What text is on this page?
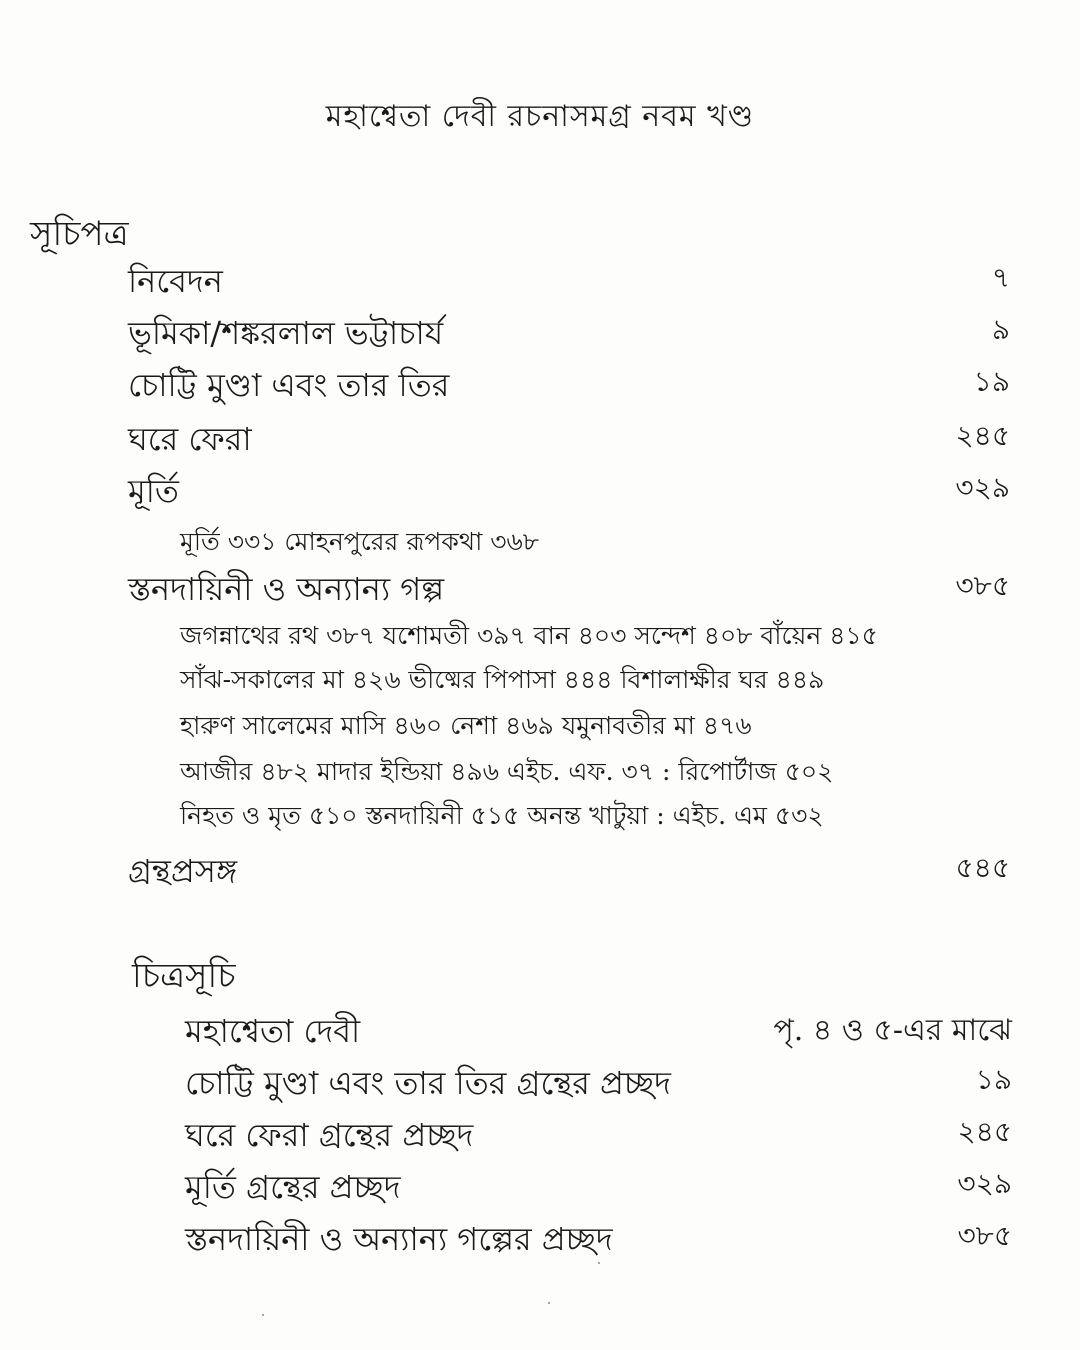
মহাশ্বেতা দেবী রচনাসমগ্র নবম খণ্ড
সূচিপত্র
নিবেদন	৭
ভূমিকা/শঙ্করলাল ভট্টাচার্য	৯
চোট্টি মুণ্ডা এবং তার তির	১৯
ঘরে ফেরা	২৪৫
মূর্তি	৩২৯
মূর্তি ৩৩১ মোহনপুরের রূপকথা ৩৬৮
স্তনদায়িনী ও অন্যান্য গল্প	৩৮৫
জগন্নাথের রথ ৩৮৭ যশোমতী ৩৯৭ বান ৪০৩ সন্দেশ ৪০৮ বাঁয়েন ৪১৫
সাঁঝ-সকালের মা ৪২৬ ভীষ্মের পিপাসা ৪৪৪ বিশালাক্ষীর ঘর ৪৪৯
হারুণ সালেমের মাসি ৪৬০ নেশা ৪৬৯ যমুনাবতীর মা ৪৭৬
আজীর ৪৮২ মাদার ইন্ডিয়া ৪৯৬ এইচ. এফ. ৩৭ : রিপোর্টাজ ৫০২
নিহত ও মৃত ৫১০ স্তনদায়িনী ৫১৫ অনন্ত খাটুয়া : এইচ. এম ৫৩২
গ্রন্থপ্রসঙ্গ	৫৪৫
চিত্রসূচি
মহাশ্বেতা দেবী	পৃ. ৪ ও ৫-এর মাঝে
চোট্টি মুণ্ডা এবং তার তির গ্রন্থের প্রচ্ছদ	১৯
ঘরে ফেরা গ্রন্থের প্রচ্ছদ	২৪৫
মূর্তি গ্রন্থের প্রচ্ছদ	৩২৯
স্তনদায়িনী ও অন্যান্য গল্পের প্রচ্ছদ	৩৮৫
